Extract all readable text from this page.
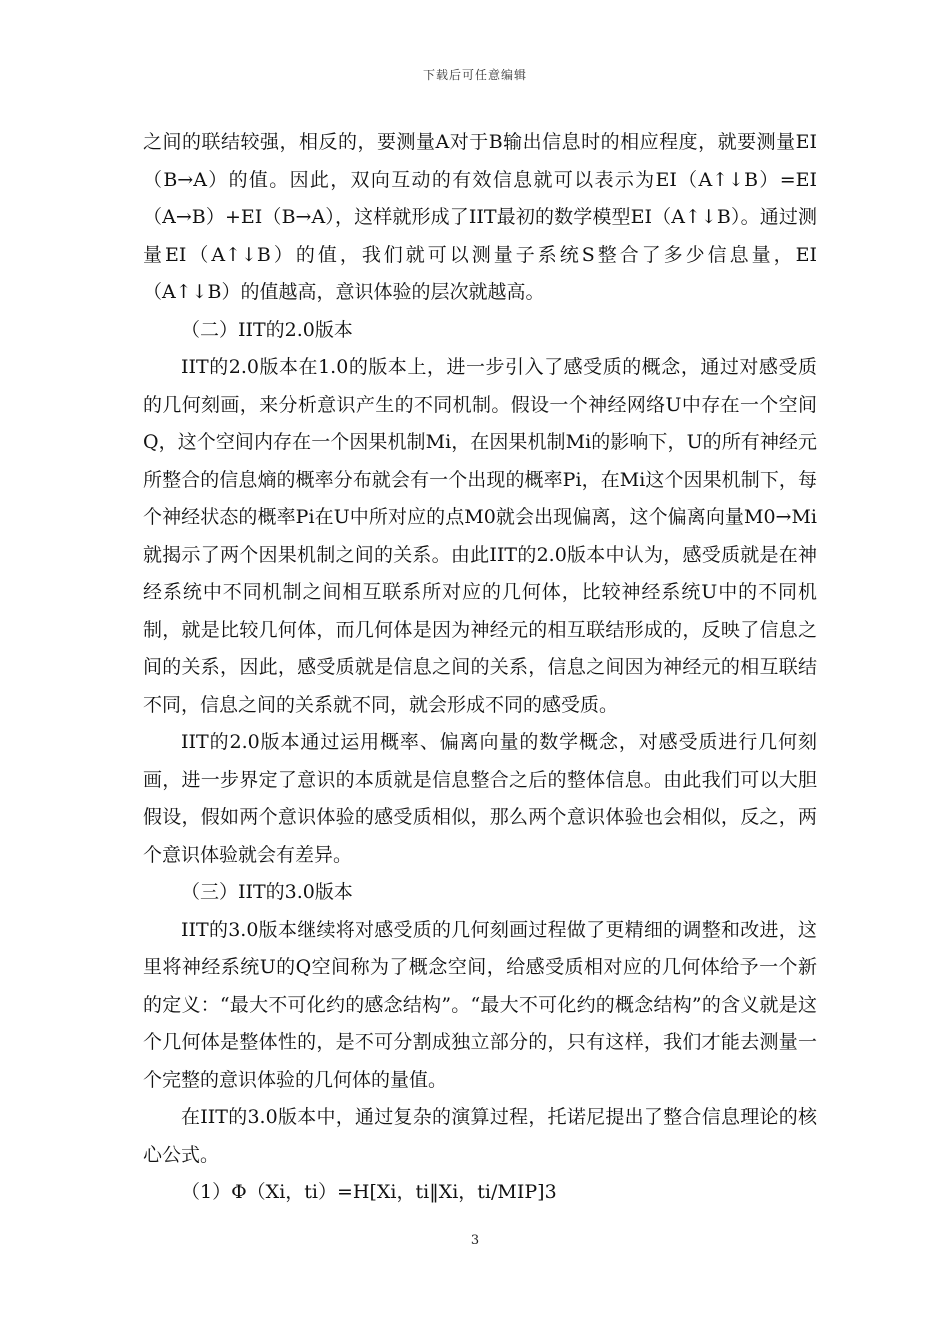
下载后可任意编辑

之间的联结较强，相反的，要测量A对于B输出信息时的相应程度，就要测量EI（B→A）的值。因此，双向互动的有效信息就可以表示为EI（A↑↓B）=EI（A→B）+EI（B→A），这样就形成了IIT最初的数学模型EI（A↑↓B）。通过测量EI（A↑↓B）的值，我们就可以测量子系统S整合了多少信息量，EI（A↑↓B）的值越高，意识体验的层次就越高。

（二）IIT的2.0版本

IIT的2.0版本在1.0的版本上，进一步引入了感受质的概念，通过对感受质的几何刻画，来分析意识产生的不同机制。假设一个神经网络U中存在一个空间Q，这个空间内存在一个因果机制Mi，在因果机制Mi的影响下，U的所有神经元所整合的信息熵的概率分布就会有一个出现的概率Pi，在Mi这个因果机制下，每个神经状态的概率Pi在U中所对应的点M0就会出现偏离，这个偏离向量M0→Mi就揭示了两个因果机制之间的关系。由此IIT的2.0版本中认为，感受质就是在神经系统中不同机制之间相互联系所对应的几何体，比较神经系统U中的不同机制，就是比较几何体，而几何体是因为神经元的相互联结形成的，反映了信息之间的关系，因此，感受质就是信息之间的关系，信息之间因为神经元的相互联结不同，信息之间的关系就不同，就会形成不同的感受质。

IIT的2.0版本通过运用概率、偏离向量的数学概念，对感受质进行几何刻画，进一步界定了意识的本质就是信息整合之后的整体信息。由此我们可以大胆假设，假如两个意识体验的感受质相似，那么两个意识体验也会相似，反之，两个意识体验就会有差异。

（三）IIT的3.0版本

IIT的3.0版本继续将对感受质的几何刻画过程做了更精细的调整和改进，这里将神经系统U的Q空间称为了概念空间，给感受质相对应的几何体给予一个新的定义：“最大不可化约的感念结构”。“最大不可化约的概念结构”的含义就是这个几何体是整体性的，是不可分割成独立部分的，只有这样，我们才能去测量一个完整的意识体验的几何体的量值。

在IIT的3.0版本中，通过复杂的演算过程，托诺尼提出了整合信息理论的核心公式。

（1）Φ（Xi，ti）=H[Xi，ti‖Xi，ti/MIP]3

3
